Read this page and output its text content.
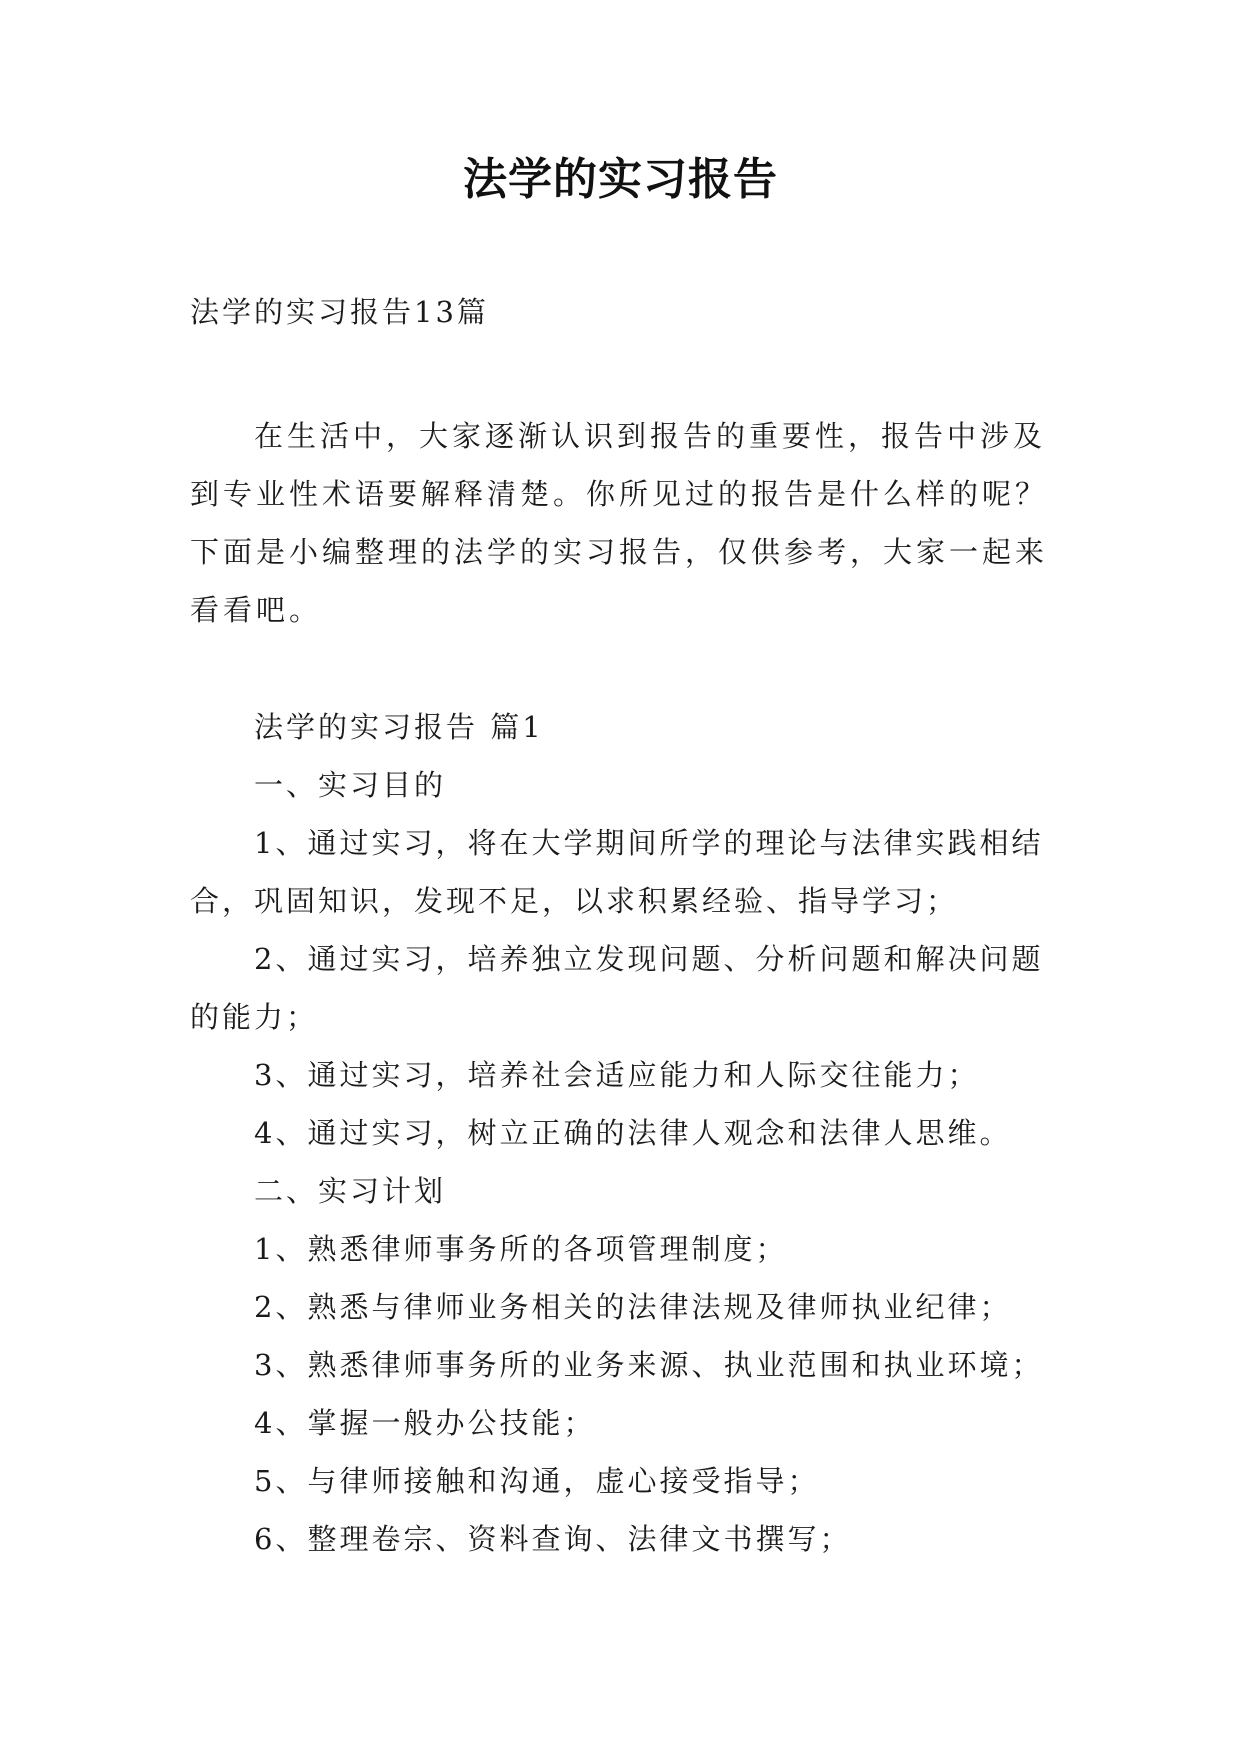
法学的实习报告
法学的实习报告13篇

在生活中，大家逐渐认识到报告的重要性，报告中涉及到专业性术语要解释清楚。你所见过的报告是什么样的呢？下面是小编整理的法学的实习报告，仅供参考，大家一起来看看吧。

法学的实习报告 篇1

一、实习目的

1、通过实习，将在大学期间所学的理论与法律实践相结合，巩固知识，发现不足，以求积累经验、指导学习；

2、通过实习，培养独立发现问题、分析问题和解决问题的能力；

3、通过实习，培养社会适应能力和人际交往能力；

4、通过实习，树立正确的法律人观念和法律人思维。

二、实习计划

1、熟悉律师事务所的各项管理制度；

2、熟悉与律师业务相关的法律法规及律师执业纪律；

3、熟悉律师事务所的业务来源、执业范围和执业环境；

4、掌握一般办公技能；

5、与律师接触和沟通，虚心接受指导；

6、整理卷宗、资料查询、法律文书撰写；
